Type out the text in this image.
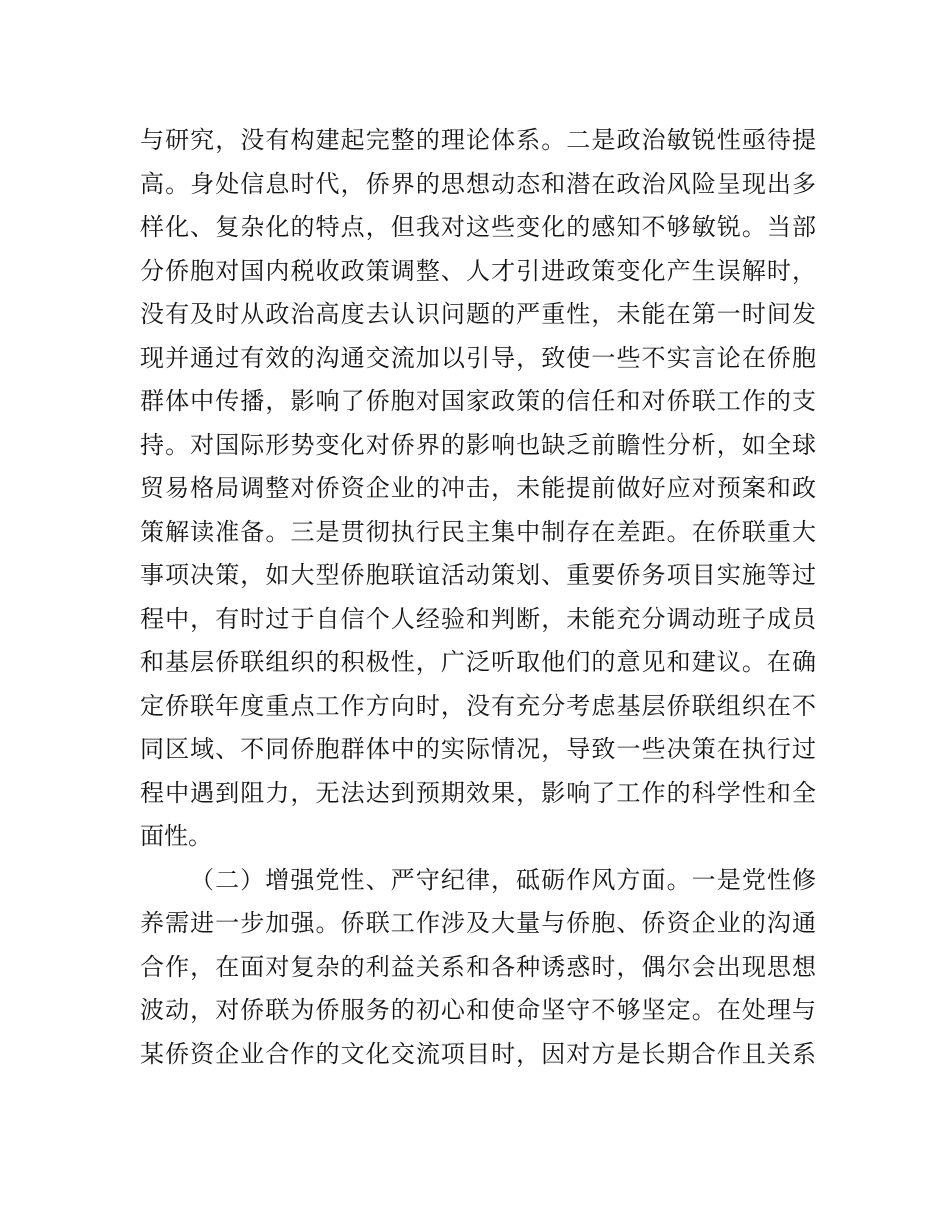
与研究，没有构建起完整的理论体系。二是政治敏锐性亟待提
高。身处信息时代，侨界的思想动态和潜在政治风险呈现出多
样化、复杂化的特点，但我对这些变化的感知不够敏锐。当部
分侨胞对国内税收政策调整、人才引进政策变化产生误解时，
没有及时从政治高度去认识问题的严重性，未能在第一时间发
现并通过有效的沟通交流加以引导，致使一些不实言论在侨胞
群体中传播，影响了侨胞对国家政策的信任和对侨联工作的支
持。对国际形势变化对侨界的影响也缺乏前瞻性分析，如全球
贸易格局调整对侨资企业的冲击，未能提前做好应对预案和政
策解读准备。三是贯彻执行民主集中制存在差距。在侨联重大
事项决策，如大型侨胞联谊活动策划、重要侨务项目实施等过
程中，有时过于自信个人经验和判断，未能充分调动班子成员
和基层侨联组织的积极性，广泛听取他们的意见和建议。在确
定侨联年度重点工作方向时，没有充分考虑基层侨联组织在不
同区域、不同侨胞群体中的实际情况，导致一些决策在执行过
程中遇到阻力，无法达到预期效果，影响了工作的科学性和全
面性。
（二）增强党性、严守纪律，砥砺作风方面。一是党性修
养需进一步加强。侨联工作涉及大量与侨胞、侨资企业的沟通
合作，在面对复杂的利益关系和各种诱惑时，偶尔会出现思想
波动，对侨联为侨服务的初心和使命坚守不够坚定。在处理与
某侨资企业合作的文化交流项目时，因对方是长期合作且关系
